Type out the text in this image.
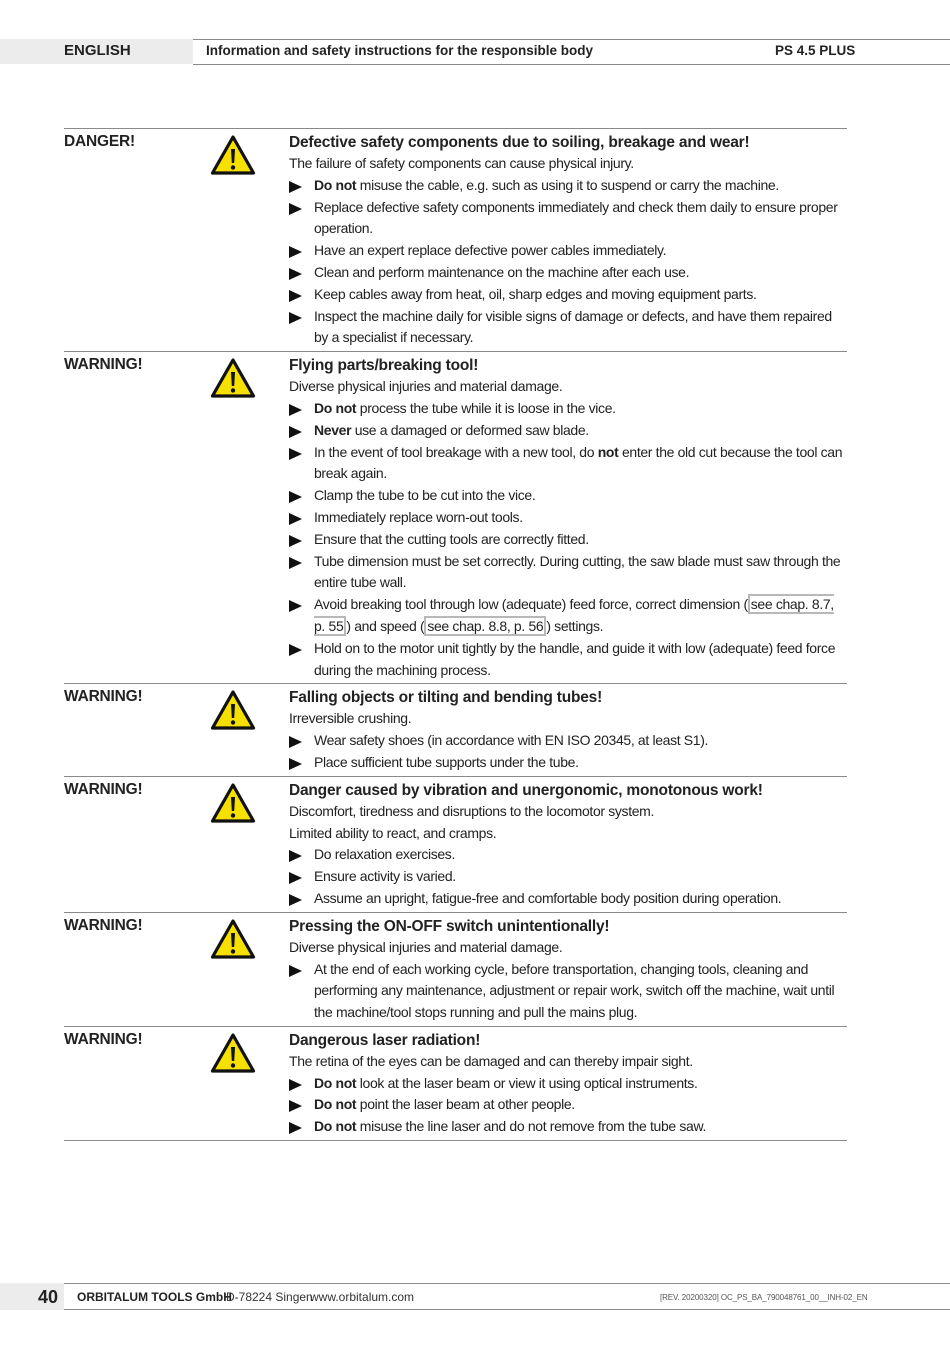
ENGLISH	Information and safety instructions for the responsible body	PS 4.5 PLUS
DANGER!	Defective safety components due to soiling, breakage and wear!
The failure of safety components can cause physical injury.
Do not misuse the cable, e.g. such as using it to suspend or carry the machine.
Replace defective safety components immediately and check them daily to ensure proper operation.
Have an expert replace defective power cables immediately.
Clean and perform maintenance on the machine after each use.
Keep cables away from heat, oil, sharp edges and moving equipment parts.
Inspect the machine daily for visible signs of damage or defects, and have them repaired by a specialist if necessary.
WARNING!	Flying parts/breaking tool!
Diverse physical injuries and material damage.
Do not process the tube while it is loose in the vice.
Never use a damaged or deformed saw blade.
In the event of tool breakage with a new tool, do not enter the old cut because the tool can break again.
Clamp the tube to be cut into the vice.
Immediately replace worn-out tools.
Ensure that the cutting tools are correctly fitted.
Tube dimension must be set correctly. During cutting, the saw blade must saw through the entire tube wall.
Avoid breaking tool through low (adequate) feed force, correct dimension ( see chap. 8.7, p. 55 ) and speed ( see chap. 8.8, p. 56 ) settings.
Hold on to the motor unit tightly by the handle, and guide it with low (adequate) feed force during the machining process.
WARNING!	Falling objects or tilting and bending tubes!
Irreversible crushing.
Wear safety shoes (in accordance with EN ISO 20345, at least S1).
Place sufficient tube supports under the tube.
WARNING!	Danger caused by vibration and unergonomic, monotonous work!
Discomfort, tiredness and disruptions to the locomotor system.
Limited ability to react, and cramps.
Do relaxation exercises.
Ensure activity is varied.
Assume an upright, fatigue-free and comfortable body position during operation.
WARNING!	Pressing the ON-OFF switch unintentionally!
Diverse physical injuries and material damage.
At the end of each working cycle, before transportation, changing tools, cleaning and performing any maintenance, adjustment or repair work, switch off the machine, wait until the machine/tool stops running and pull the mains plug.
WARNING!	Dangerous laser radiation!
The retina of the eyes can be damaged and can thereby impair sight.
Do not look at the laser beam or view it using optical instruments.
Do not point the laser beam at other people.
Do not misuse the line laser and do not remove from the tube saw.
40 ORBITALUM TOOLS GmbH
D-78224 Singen
www.orbitalum.com	[REV. 20200320] OC_PS_BA_790048761_00__INH-02_EN
